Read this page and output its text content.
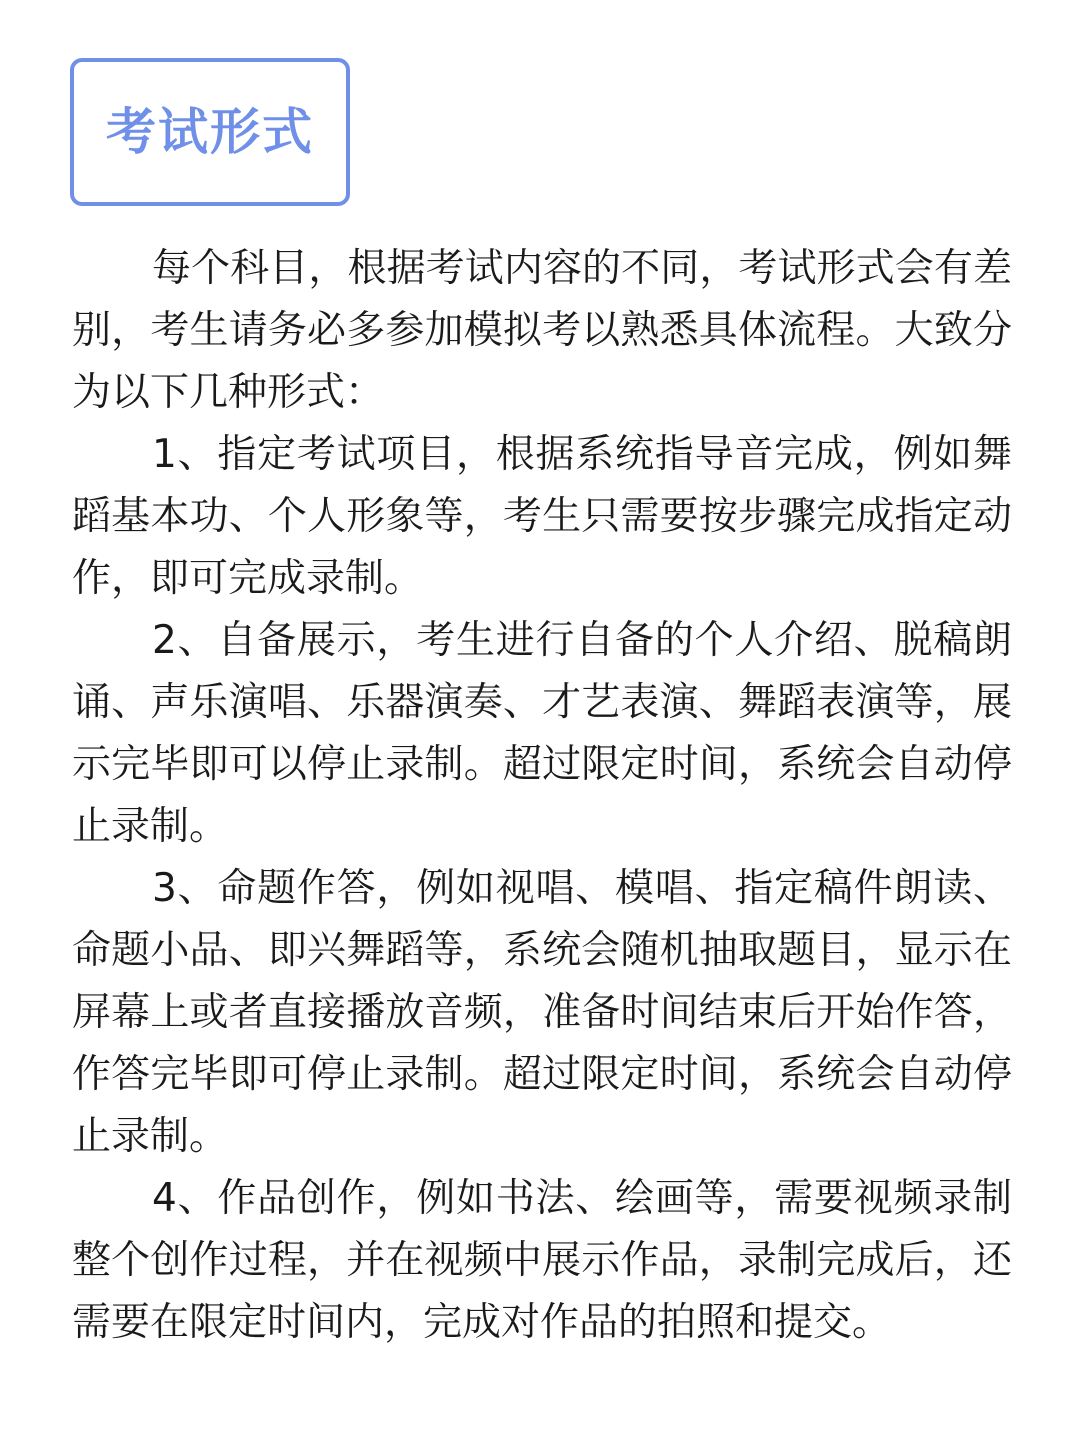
考试形式

每个科目，根据考试内容的不同，考试形式会有差别，考生请务必多参加模拟考以熟悉具体流程。大致分为以下几种形式：

1、指定考试项目，根据系统指导音完成，例如舞蹈基本功、个人形象等，考生只需要按步骤完成指定动作，即可完成录制。

2、自备展示，考生进行自备的个人介绍、脱稿朗诵、声乐演唱、乐器演奏、才艺表演、舞蹈表演等，展示完毕即可以停止录制。超过限定时间，系统会自动停止录制。

3、命题作答，例如视唱、模唱、指定稿件朗读、命题小品、即兴舞蹈等，系统会随机抽取题目，显示在屏幕上或者直接播放音频，准备时间结束后开始作答，作答完毕即可停止录制。超过限定时间，系统会自动停止录制。

4、作品创作，例如书法、绘画等，需要视频录制整个创作过程，并在视频中展示作品，录制完成后，还需要在限定时间内，完成对作品的拍照和提交。
